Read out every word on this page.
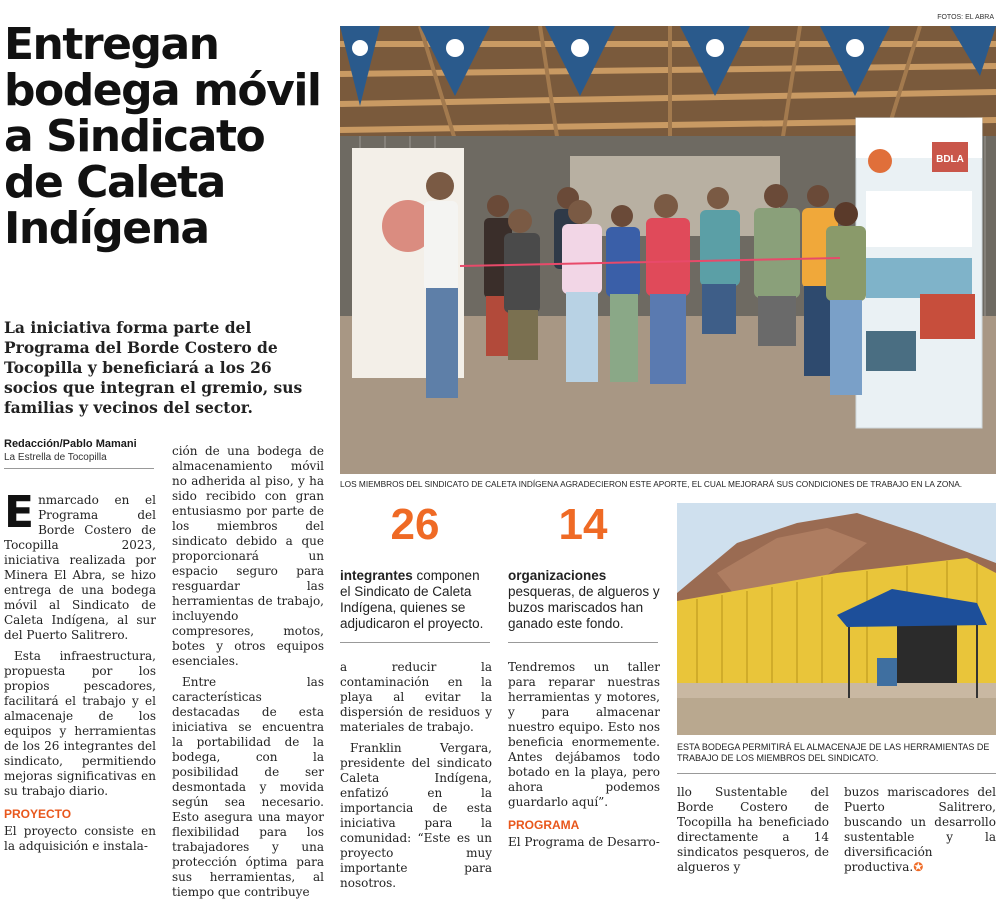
Entregan bodega móvil a Sindicato de Caleta Indígena

La iniciativa forma parte del Programa del Borde Costero de Tocopilla y beneficiará a los 26 socios que integran el gremio, sus familias y vecinos del sector.

Redacción/Pablo Mamani
La Estrella de Tocopilla
FOTOS: EL ABRA
BDLA
LOS MIEMBROS DEL SINDICATO DE CALETA INDÍGENA AGRADECIERON ESTE APORTE, EL CUAL MEJORARÁ SUS CONDICIONES DE TRABAJO EN LA ZONA.

Enmarcado en el Programa del Borde Costero de Tocopilla 2023, iniciativa realizada por Minera El Abra, se hizo entrega de una bodega móvil al Sindicato de Caleta Indígena, al sur del Puerto Salitrero.

Esta infraestructura, propuesta por los propios pescadores, facilitará el trabajo y el almacenaje de los equipos y herramientas de los 26 integrantes del sindicato, permitiendo mejoras significativas en su trabajo diario.

PROYECTO

El proyecto consiste en la adquisición e instala-

ción de una bodega de almacenamiento móvil no adherida al piso, y ha sido recibido con gran entusiasmo por parte de los miembros del sindicato debido a que proporcionará un espacio seguro para resguardar las herramientas de trabajo, incluyendo compresores, motos, botes y otros equipos esenciales.

Entre las características destacadas de esta iniciativa se encuentra la portabilidad de la bodega, con la posibilidad de ser desmontada y movida según sea necesario. Esto asegura una mayor flexibilidad para los trabajadores y una protección óptima para sus herramientas, al tiempo que contribuye

26
integrantes componen el Sindicato de Caleta Indígena, quienes se adjudicaron el proyecto.
14
organizaciones pesqueras, de algueros y buzos mariscados han ganado este fondo.

a reducir la contaminación en la playa al evitar la dispersión de residuos y materiales de trabajo.

Franklin Vergara, presidente del sindicato Caleta Indígena, enfatizó en la importancia de esta iniciativa para la comunidad: “Este es un proyecto muy importante para nosotros.

Tendremos un taller para reparar nuestras herramientas y motores, y para almacenar nuestro equipo. Esto nos beneficia enormemente. Antes dejábamos todo botado en la playa, pero ahora podemos guardarlo aquí”.

PROGRAMA

El Programa de Desarro-

ESTA BODEGA PERMITIRÁ EL ALMACENAJE DE LAS HERRAMIENTAS DE TRABAJO DE LOS MIEMBROS DEL SINDICATO.

llo Sustentable del Borde Costero de Tocopilla ha beneficiado directamente a 14 sindicatos pesqueros, de algueros y

buzos mariscadores del Puerto Salitrero, buscando un desarrollo sustentable y la diversificación productiva.✪
